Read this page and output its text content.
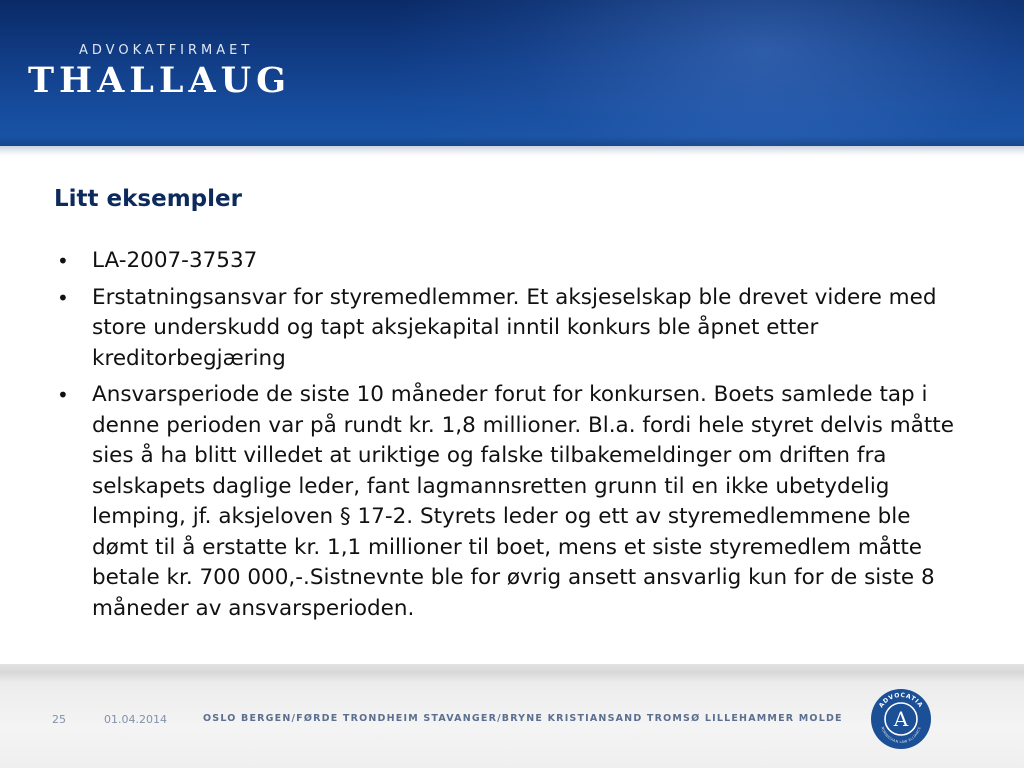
ADVOKATFIRMAET
THALLAUG
Litt eksempler
• LA-2007-37537
• Erstatningsansvar for styremedlemmer. Et aksjeselskap ble drevet videre med store underskudd og tapt aksjekapital inntil konkurs ble åpnet etter kreditorbegjæring
• Ansvarsperiode de siste 10 måneder forut for konkursen. Boets samlede tap i denne perioden var på rundt kr. 1,8 millioner. Bl.a. fordi hele styret delvis måtte sies å ha blitt villedet at uriktige og falske tilbakemeldinger om driften fra selskapets daglige leder, fant lagmannsretten grunn til en ikke ubetydelig lemping, jf. aksjeloven § 17-2. Styrets leder og ett av styremedlemmene ble dømt til å erstatte kr. 1,1 millioner til boet, mens et siste styremedlem måtte betale kr. 700 000,-.Sistnevnte ble for øvrig ansett ansvarlig kun for de siste 8 måneder av ansvarsperioden.
25	01.04.2014	OSLO BERGEN/FØRDE TRONDHEIM STAVANGER/BRYNE KRISTIANSAND TROMSØ LILLEHAMMER MOLDE
ADVOCATIA
NORWEGIAN LAW ALLIANCE
A
